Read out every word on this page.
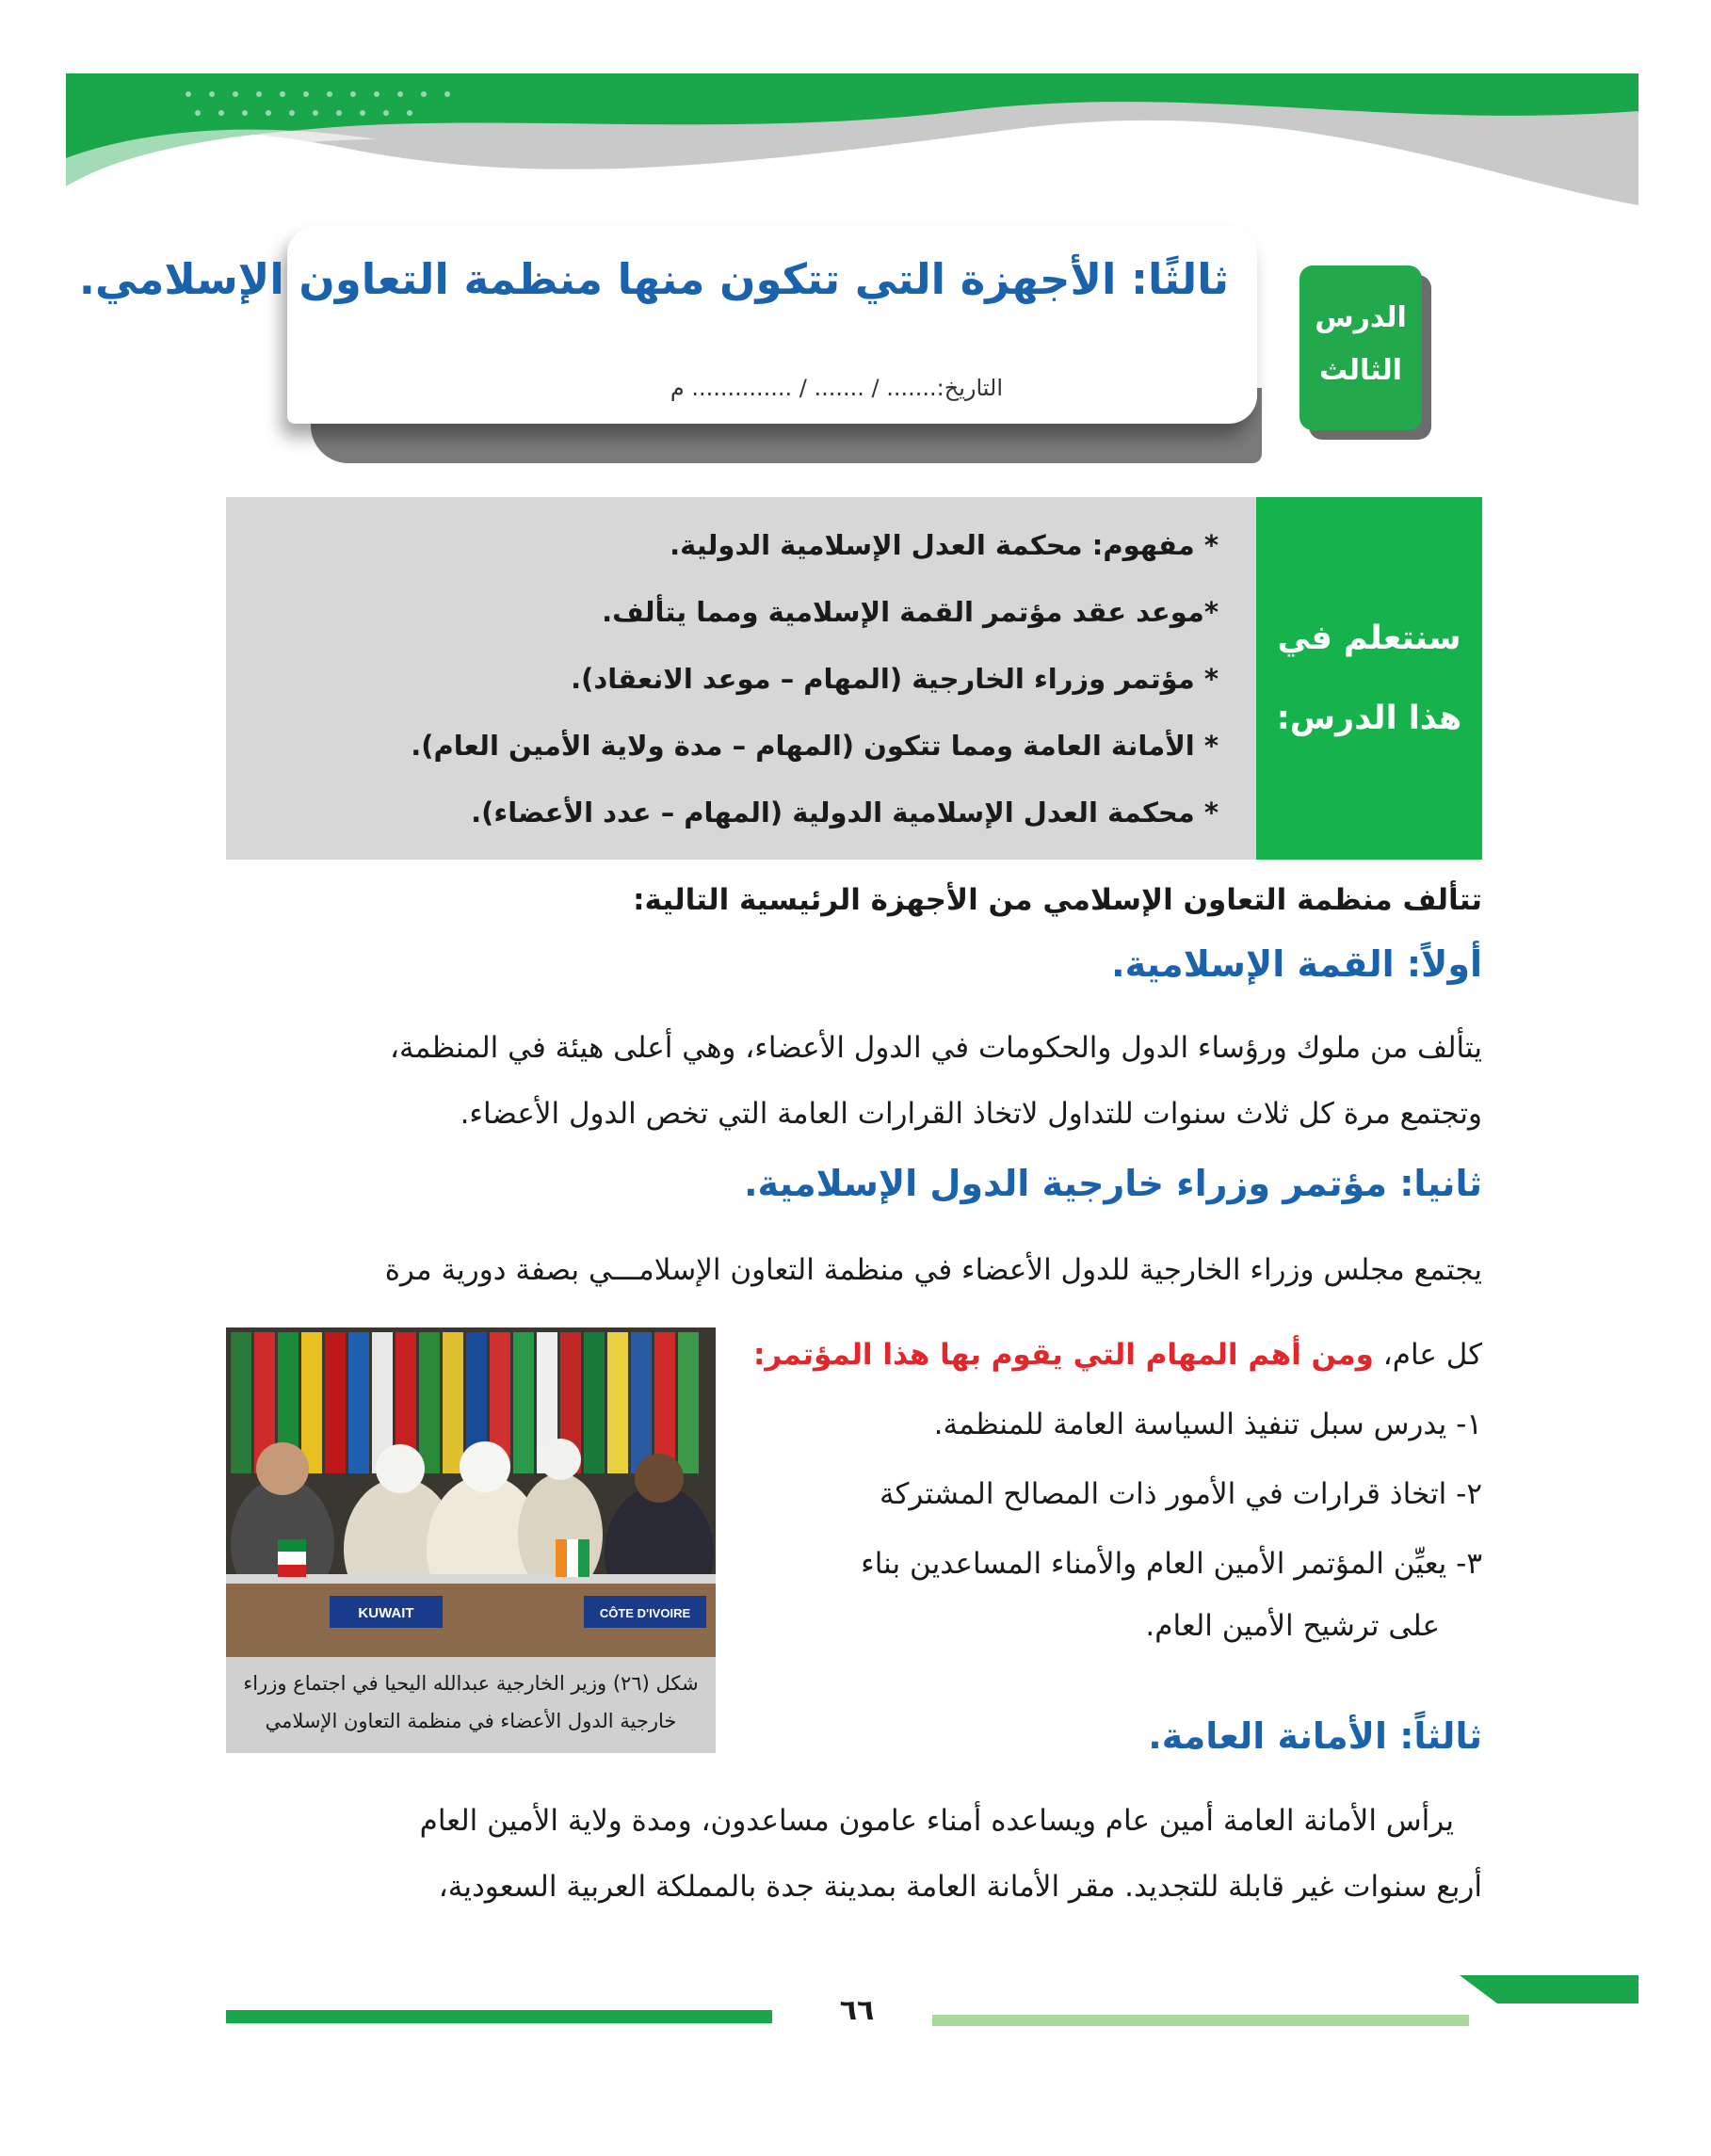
الدرس
الثالث
ثالثًا: الأجهزة التي تتكون منها منظمة التعاون الإسلامي.
التاريخ:....... / ....... / .............. م
* مفهوم: محكمة العدل الإسلامية الدولية.
*موعد عقد مؤتمر القمة الإسلامية ومما يتألف.
* مؤتمر وزراء الخارجية (المهام – موعد الانعقاد).
* الأمانة العامة ومما تتكون (المهام – مدة ولاية الأمين العام).
* محكمة العدل الإسلامية الدولية (المهام – عدد الأعضاء).
سنتعلم في
هذا الدرس:
تتألف منظمة التعاون الإسلامي من الأجهزة الرئيسية التالية:
أولاً: القمة الإسلامية.
يتألف من ملوك ورؤساء الدول والحكومات في الدول الأعضاء، وهي أعلى هيئة في المنظمة،
وتجتمع مرة كل ثلاث سنوات للتداول لاتخاذ القرارات العامة التي تخص الدول الأعضاء.
ثانيا: مؤتمر وزراء خارجية الدول الإسلامية.
يجتمع مجلس وزراء الخارجية للدول الأعضاء في منظمة التعاون الإسلامـــي بصفة دورية مرة
كل عام، ومن أهم المهام التي يقوم بها هذا المؤتمر:
١- يدرس سبل تنفيذ السياسة العامة للمنظمة.
٢- اتخاذ قرارات في الأمور ذات المصالح المشتركة
٣- يعيِّن المؤتمر الأمين العام والأمناء المساعدين بناء
على ترشيح الأمين العام.
ثالثاً: الأمانة العامة.
يرأس الأمانة العامة أمين عام ويساعده أمناء عامون مساعدون، ومدة ولاية الأمين العام
أربع سنوات غير قابلة للتجديد. مقر الأمانة العامة بمدينة جدة بالمملكة العربية السعودية،
KUWAIT	CÔTE D'IVOIRE
شكل (٢٦) وزير الخارجية عبدالله اليحيا في اجتماع وزراء
خارجية الدول الأعضاء في منظمة التعاون الإسلامي
٦٦
